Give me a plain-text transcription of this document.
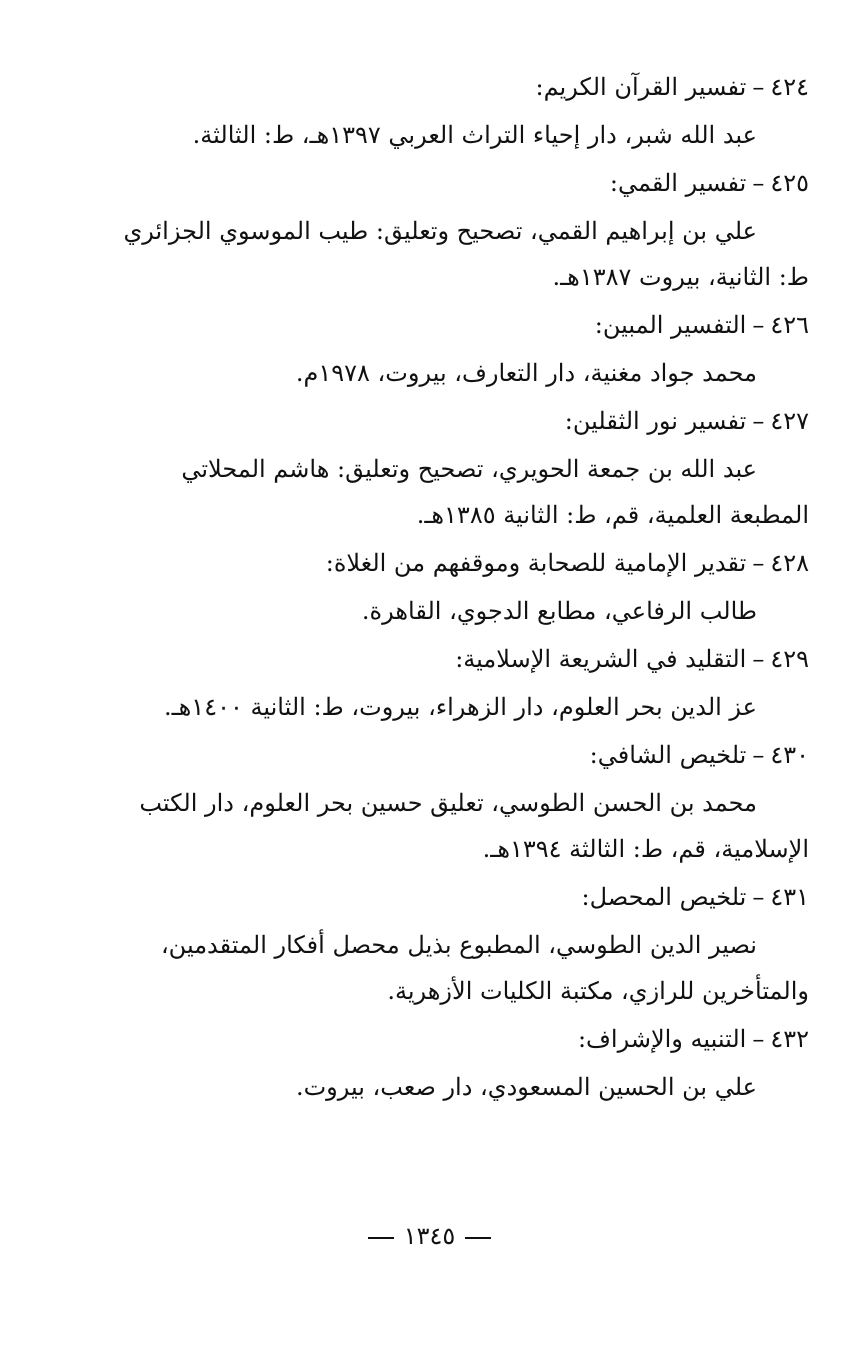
٤٢٤–تفسير القرآن الكريم:
عبد الله شبر، دار إحياء التراث العربي ١٣٩٧هـ، ط: الثالثة.
٤٢٥–تفسير القمي:
علي بن إبراهيم القمي، تصحيح وتعليق: طيب الموسوي الجزائري ط: الثانية، بيروت ١٣٨٧هـ.
٤٢٦–التفسير المبين:
محمد جواد مغنية، دار التعارف، بيروت، ١٩٧٨م.
٤٢٧–تفسير نور الثقلين:
عبد الله بن جمعة الحويري، تصحيح وتعليق: هاشم المحلاتي المطبعة العلمية، قم، ط: الثانية ١٣٨٥هـ.
٤٢٨–تقدير الإمامية للصحابة وموقفهم من الغلاة:
طالب الرفاعي، مطابع الدجوي، القاهرة.
٤٢٩–التقليد في الشريعة الإسلامية:
عز الدين بحر العلوم، دار الزهراء، بيروت، ط: الثانية ١٤٠٠هـ.
٤٣٠–تلخيص الشافي:
محمد بن الحسن الطوسي، تعليق حسين بحر العلوم، دار الكتب الإسلامية، قم، ط: الثالثة ١٣٩٤هـ.
٤٣١–تلخيص المحصل:
نصير الدين الطوسي، المطبوع بذيل محصل أفكار المتقدمين، والمتأخرين للرازي، مكتبة الكليات الأزهرية.
٤٣٢–التنبيه والإشراف:
علي بن الحسين المسعودي، دار صعب، بيروت.
١٣٤٥
